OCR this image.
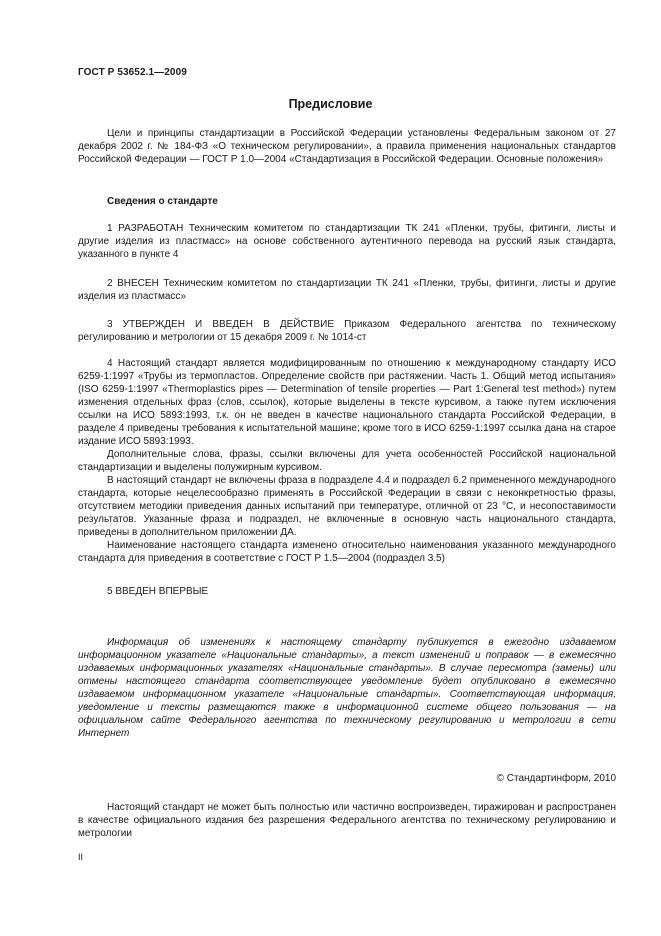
ГОСТ Р 53652.1—2009
Предисловие
Цели и принципы стандартизации в Российской Федерации установлены Федеральным законом от 27 декабря 2002 г. № 184-ФЗ «О техническом регулировании», а правила применения национальных стандартов Российской Федерации — ГОСТ Р 1.0—2004 «Стандартизация в Российской Федерации. Основные положения»
Сведения о стандарте
1 РАЗРАБОТАН Техническим комитетом по стандартизации ТК 241 «Пленки, трубы, фитинги, листы и другие изделия из пластмасс» на основе собственного аутентичного перевода на русский язык стандарта, указанного в пункте 4
2 ВНЕСЕН Техническим комитетом по стандартизации ТК 241 «Пленки, трубы, фитинги, листы и другие изделия из пластмасс»
3 УТВЕРЖДЕН И ВВЕДЕН В ДЕЙСТВИЕ Приказом Федерального агентства по техническому регулированию и метрологии от 15 декабря 2009 г. № 1014-ст

4 Настоящий стандарт является модифицированным по отношению к международному стандарту ИСО 6259-1:1997 «Трубы из термопластов. Определение свойств при растяжении. Часть 1. Общий метод испытания» (ISO 6259-1:1997 «Thermoplastics pipes — Determination of tensile properties — Part 1:General test method») путем изменения отдельных фраз (слов, ссылок), которые выделены в тексте курсивом, а также путем исключения ссылки на ИСО 5893:1993, т.к. он не введен в качестве национального стандарта Российской Федерации, в разделе 4 приведены требования к испытательной машине; кроме того в ИСО 6259-1:1997 ссылка дана на старое издание ИСО 5893:1993.

Дополнительные слова, фразы, ссылки включены для учета особенностей Российской национальной стандартизации и выделены полужирным курсивом.

В настоящий стандарт не включены фраза в подразделе 4.4 и подраздел 6.2 примененного международного стандарта, которые нецелесообразно применять в Российской Федерации в связи с неконкретностью фразы, отсутствием методики приведения данных испытаний при температуре, отличной от 23 °С, и несопоставимости результатов. Указанные фраза и подраздел, не включенные в основную часть национального стандарта, приведены в дополнительном приложении ДА.

Наименование настоящего стандарта изменено относительно наименования указанного международного стандарта для приведения в соответствие с ГОСТ Р 1.5—2004 (подраздел 3.5)

5 ВВЕДЕН ВПЕРВЫЕ
Информация об изменениях к настоящему стандарту публикуется в ежегодно издаваемом информационном указателе «Национальные стандарты», а текст изменений и поправок — в ежемесячно издаваемых информационных указателях «Национальные стандарты». В случае пересмотра (замены) или отмены настоящего стандарта соответствующее уведомление будет опубликовано в ежемесячно издаваемом информационном указателе «Национальные стандарты». Соответствующая информация, уведомление и тексты размещаются также в информационной системе общего пользования — на официальном сайте Федерального агентства по техническому регулированию и метрологии в сети Интернет
© Стандартинформ, 2010
Настоящий стандарт не может быть полностью или частично воспроизведен, тиражирован и распространен в качестве официального издания без разрешения Федерального агентства по техническому регулированию и метрологии
II
